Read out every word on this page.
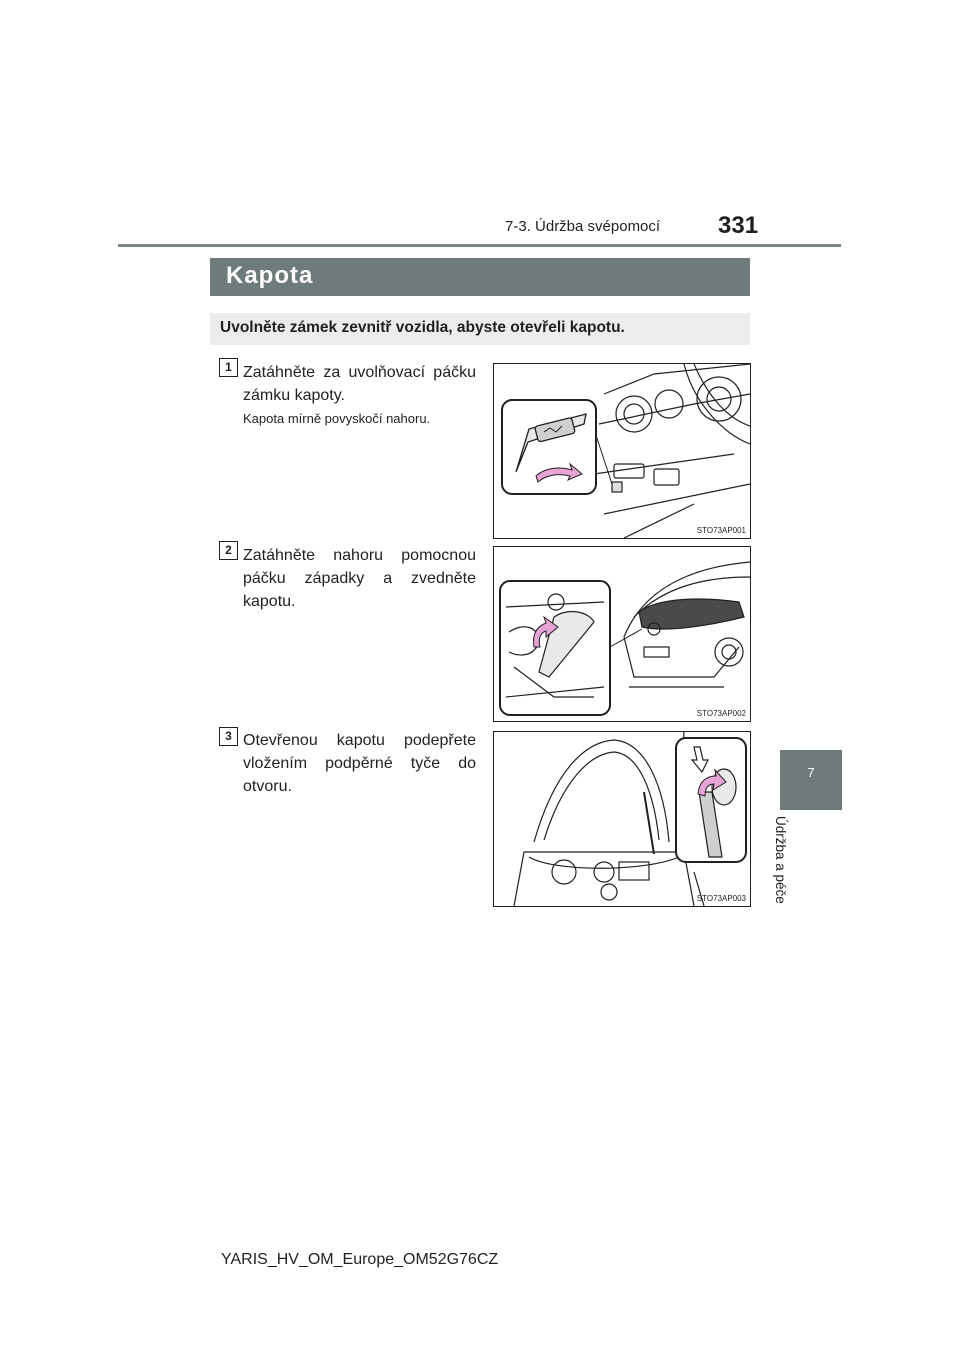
7-3. Údržba svépomocí 331
Kapota
Uvolněte zámek zevnitř vozidla, abyste otevřeli kapotu.
1 Zatáhněte za uvolňovací páčku zámku kapoty.
Kapota mírně povyskočí nahoru.
STO73AP001
2 Zatáhněte nahoru pomocnou páčku západky a zvedněte kapotu.
STO73AP002
3 Otevřenou kapotu podepřete vložením podpěrné tyče do otvoru.
STO73AP003
7
Údržba a péče
YARIS_HV_OM_Europe_OM52G76CZ
